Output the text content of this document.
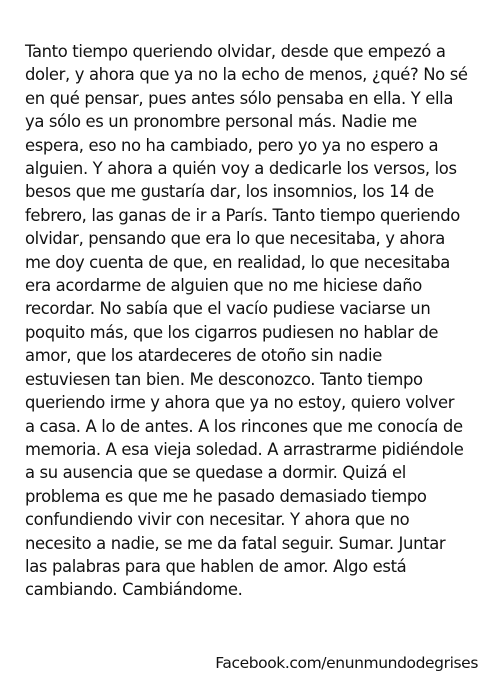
Tanto tiempo queriendo olvidar, desde que empezó a
doler, y ahora que ya no la echo de menos, ¿qué? No sé
en qué pensar, pues antes sólo pensaba en ella. Y ella
ya sólo es un pronombre personal más. Nadie me
espera, eso no ha cambiado, pero yo ya no espero a
alguien. Y ahora a quién voy a dedicarle los versos, los
besos que me gustaría dar, los insomnios, los 14 de
febrero, las ganas de ir a París. Tanto tiempo queriendo
olvidar, pensando que era lo que necesitaba, y ahora
me doy cuenta de que, en realidad, lo que necesitaba
era acordarme de alguien que no me hiciese daño
recordar. No sabía que el vacío pudiese vaciarse un
poquito más, que los cigarros pudiesen no hablar de
amor, que los atardeceres de otoño sin nadie
estuviesen tan bien. Me desconozco. Tanto tiempo
queriendo irme y ahora que ya no estoy, quiero volver
a casa. A lo de antes. A los rincones que me conocía de
memoria. A esa vieja soledad. A arrastrarme pidiéndole
a su ausencia que se quedase a dormir. Quizá el
problema es que me he pasado demasiado tiempo
confundiendo vivir con necesitar. Y ahora que no
necesito a nadie, se me da fatal seguir. Sumar. Juntar
las palabras para que hablen de amor. Algo está
cambiando. Cambiándome.
Facebook.com/enunmundodegrises
